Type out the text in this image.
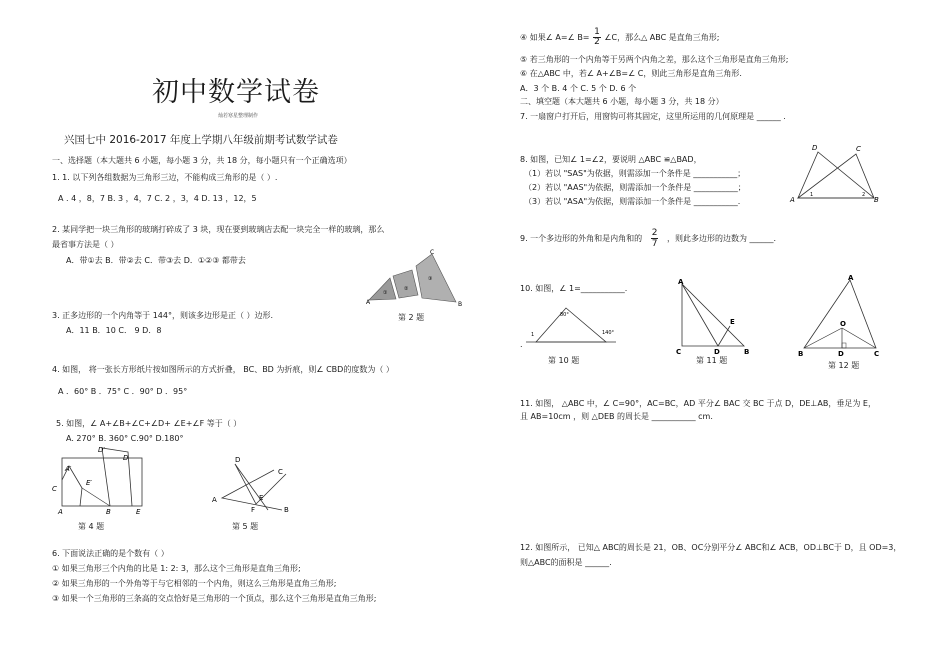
初中数学试卷
灿若寒星整理制作
兴国七中 2016-2017 年度上学期八年级前期考试数学试卷
一、选择题（本大题共 6 小题，每小题 3 分，共 18 分，每小题只有一个正确选项）
1. 1. 以下列各组数据为三角形三边，不能构成三角形的是（ ）.
A . 4 ，8，7 B. 3 ，4，7 C. 2 ，3，4 D. 13 ，12，5
2. 某同学把一块三角形的玻璃打碎成了 3 块，现在要到玻璃店去配一块完全一样的玻璃，那么
最省事方法是（ ）
A．带①去 B．带②去 C．带③去 D．①②③ 都带去
A	B
C
①
②
③
第 2 题
3. 正多边形的一个内角等于 144°，则该多边形是正（ ）边形.
A．11 B．10 C． 9 D．8
4. 如图， 将一张长方形纸片按如图所示的方式折叠， BC、BD 为折痕，则∠ CBD的度数为（ ）
A ．60° B ．75° C ．90° D ．95°
5. 如图，∠ A+∠B+∠C+∠D+ ∠E+∠F 等于（ ）
A. 270° B. 360° C.90° D.180°
A′
D′
D
C
E′
A	B	E
第 4 题
D
C
A	E
F	B
第 5 题
6. 下面说法正确的是个数有（ ）
① 如果三角形三个内角的比是 1: 2: 3，那么这个三角形是直角三角形;
② 如果三角形的一个外角等于与它相邻的一个内角，则这么三角形是直角三角形;
③ 如果一个三角形的三条高的交点恰好是三角形的一个顶点，那么这个三角形是直角三角形;
④ 如果∠ A=∠ $B= \frac{1}{2}$ ∠C，那么△ ABC 是直角三角形;
⑤ 若三角形的一个内角等于另两个内角之差，那么这个三角形是直角三角形;
⑥ 在△ABC 中，若∠ A+∠B=∠ C，则此三角形是直角三角形.
A．3 个 B. 4 个 C. 5 个 D. 6 个
二、填空题（本大题共 6 小题，每小题 3 分，共 18 分）
7. 一扇窗户打开后，用窗钩可将其固定，这里所运用的几何原理是 ______ .
8. 如图，已知∠ 1=∠2，要说明 △ABC ≌△BAD，
（1）若以 "SAS"为依据，则需添加一个条件是 ___________；
（2）若以 "AAS"为依据，则需添加一个条件是 ___________；
（3）若以 "ASA"为依据，则需添加一个条件是 ___________.
D	C
A	B
1	2
9. 一个多边形的外角和是内角和的 $\frac{2}{7}$ ，则此多边形的边数为 ______.
10. 如图，∠ 1=___________.
80°
140°
1
.
第 10 题
A
E
C	D	B
第 11 题
A
O
B	D	C
第 12 题
11. 如图， △ABC 中，∠ C=90°，AC=BC，AD 平分∠ BAC 交 BC 于点 D，DE⊥AB，垂足为 E，
且 AB=10cm ，则 △DEB 的周长是 ___________ cm.
12. 如图所示， 已知△ ABC的周长是 21，OB、OC分别平分∠ ABC和∠ ACB，OD⊥BC于 D，且 OD=3，
则△ABC的面积是 ______.
